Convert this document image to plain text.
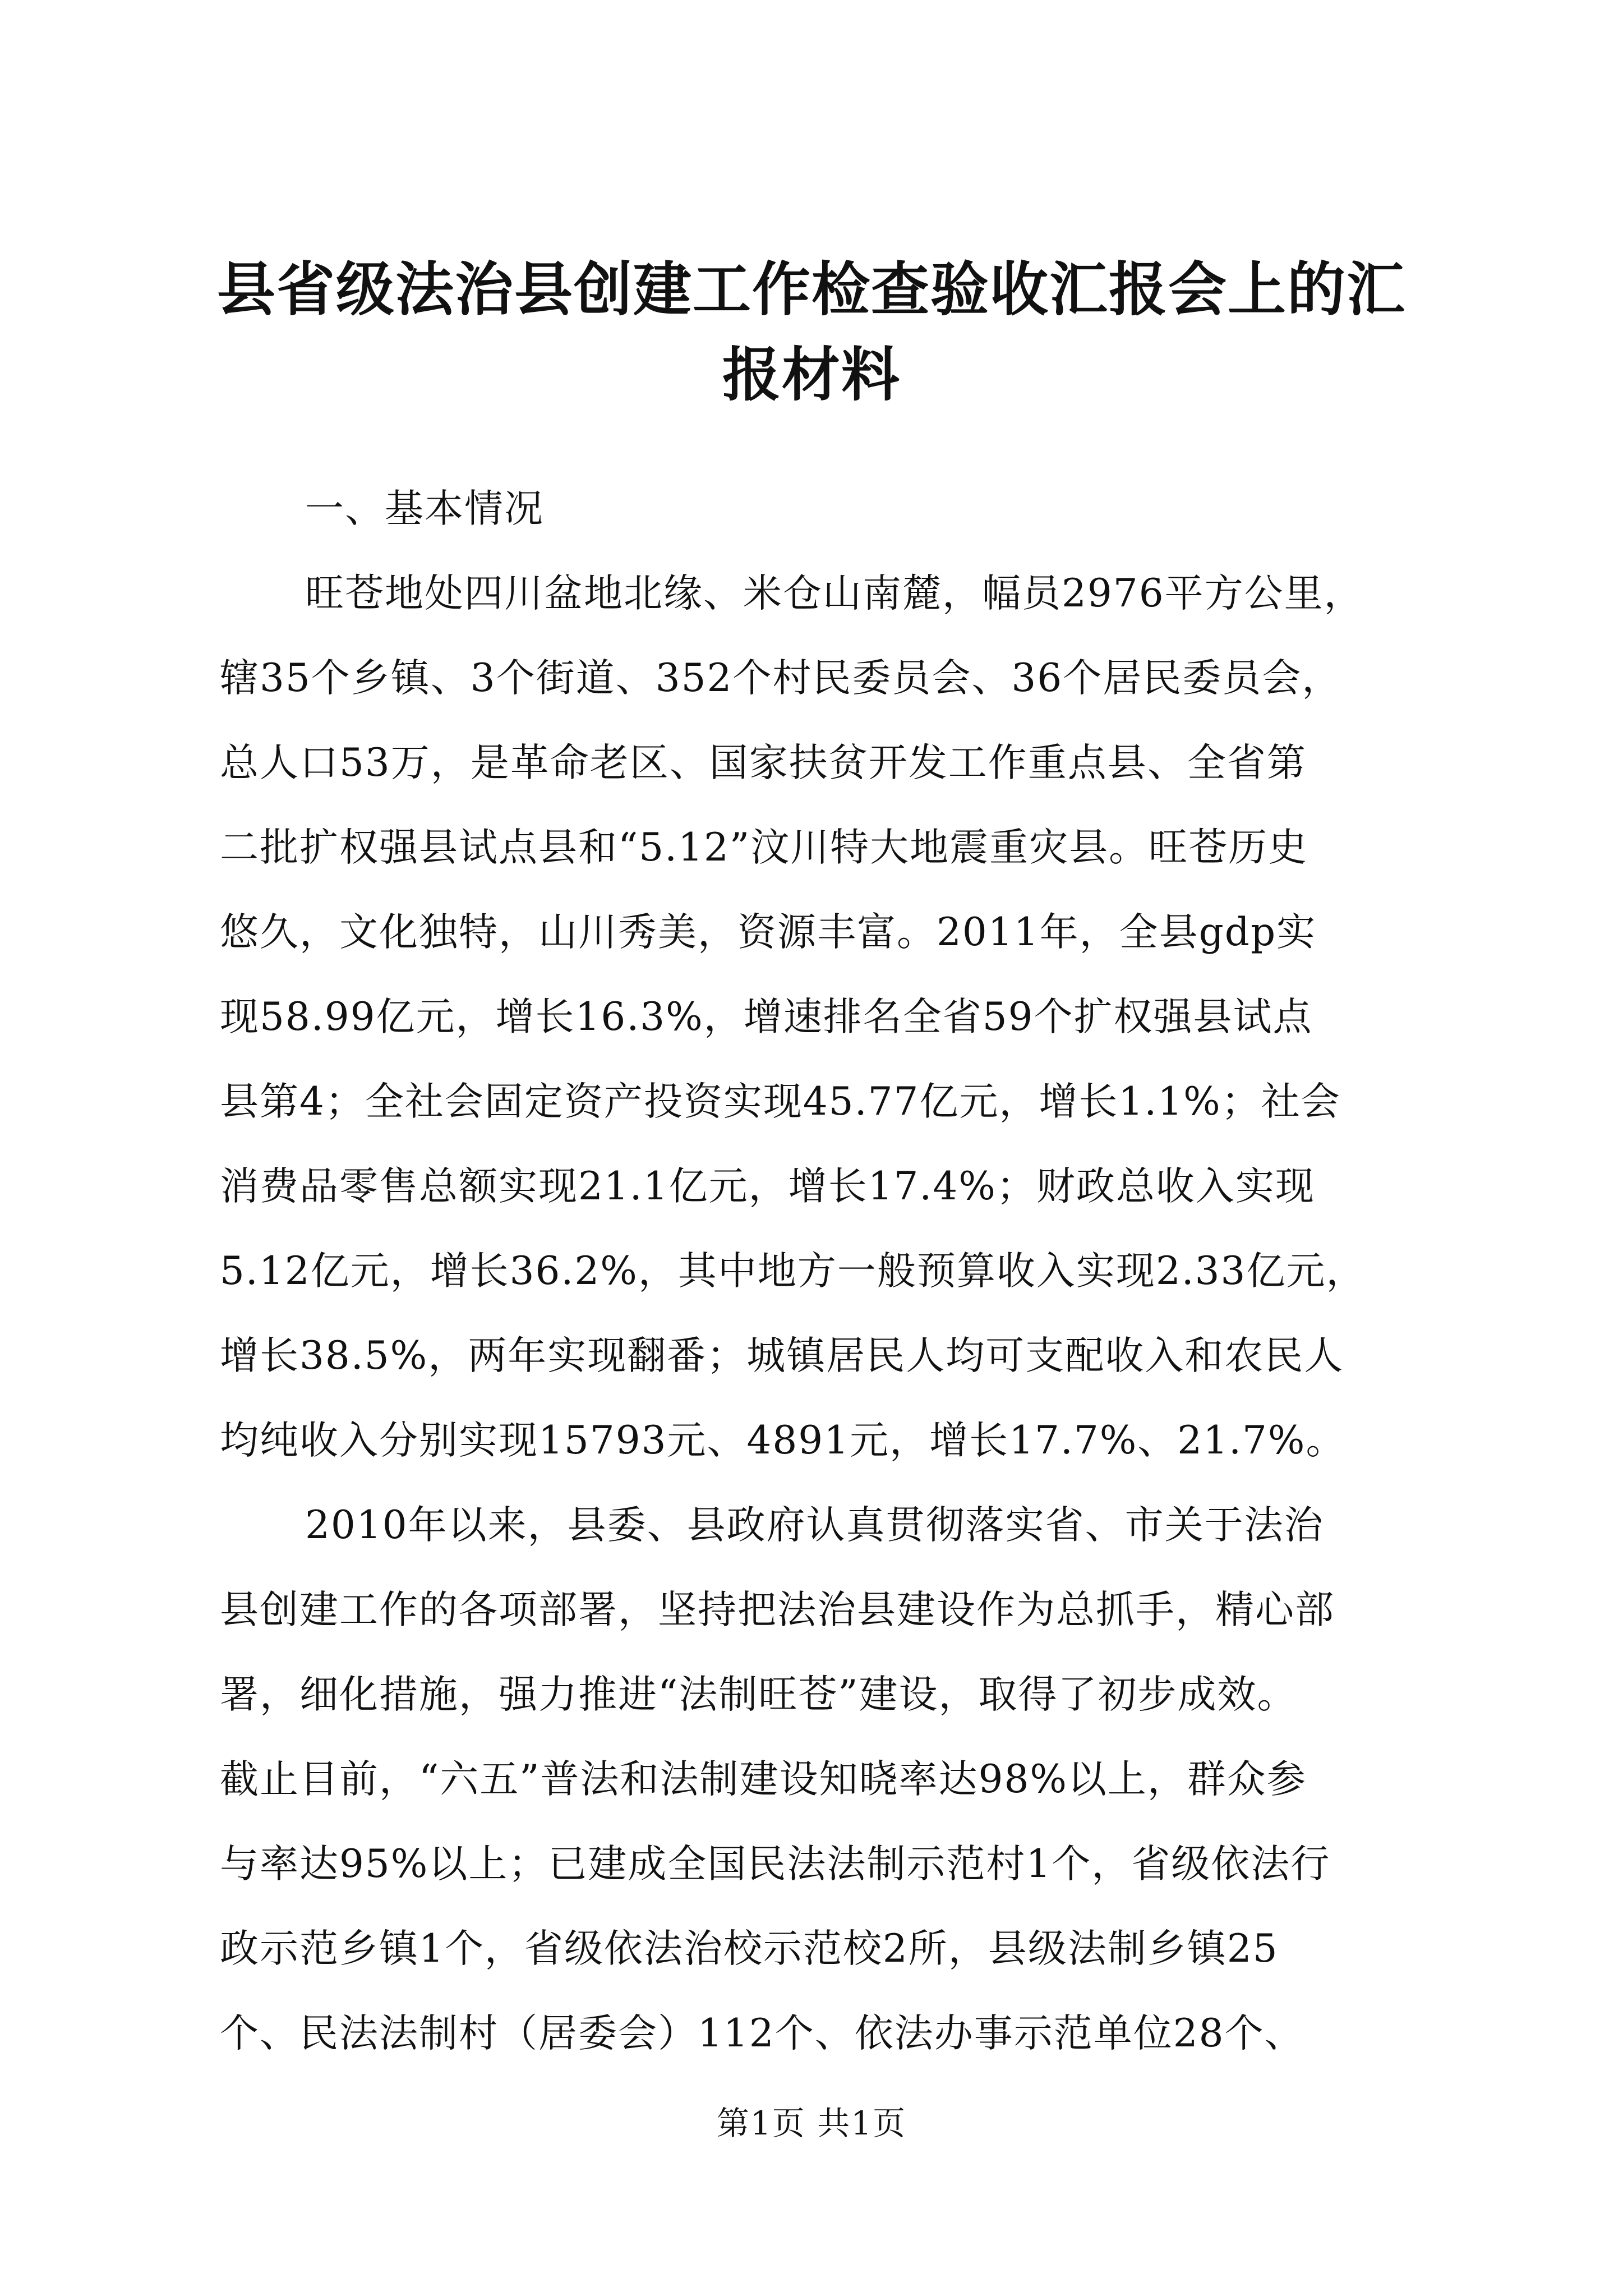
县省级法治县创建工作检查验收汇报会上的汇
报材料
一、基本情况
旺苍地处四川盆地北缘、米仓山南麓，幅员2976平方公里，
辖35个乡镇、3个街道、352个村民委员会、36个居民委员会，
总人口53万，是革命老区、国家扶贫开发工作重点县、全省第
二批扩权强县试点县和“5.12”汶川特大地震重灾县。旺苍历史
悠久，文化独特，山川秀美，资源丰富。2011年，全县gdp实
现58.99亿元，增长16.3%，增速排名全省59个扩权强县试点
县第4；全社会固定资产投资实现45.77亿元，增长1.1%；社会
消费品零售总额实现21.1亿元，增长17.4%；财政总收入实现
5.12亿元，增长36.2%，其中地方一般预算收入实现2.33亿元，
增长38.5%，两年实现翻番；城镇居民人均可支配收入和农民人
均纯收入分别实现15793元、4891元，增长17.7%、21.7%。
2010年以来，县委、县政府认真贯彻落实省、市关于法治
县创建工作的各项部署，坚持把法治县建设作为总抓手，精心部
署，细化措施，强力推进“法制旺苍”建设，取得了初步成效。
截止目前，“六五”普法和法制建设知晓率达98%以上，群众参
与率达95%以上；已建成全国民法法制示范村1个，省级依法行
政示范乡镇1个，省级依法治校示范校2所，县级法制乡镇25
个、民法法制村（居委会）112个、依法办事示范单位28个、
第1页 共1页
